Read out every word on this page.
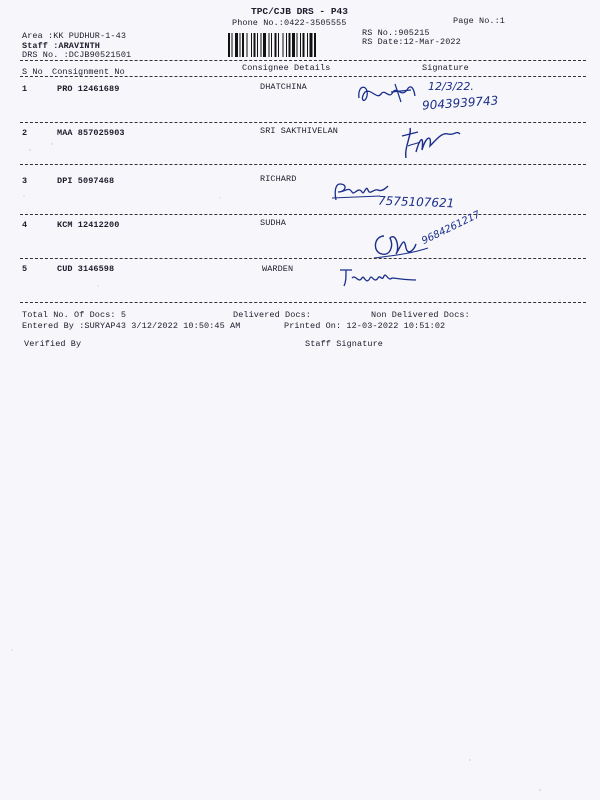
TPC/CJB DRS - P43
Phone No.:0422-3505555	Page No.:1
Area :KK PUDHUR-1-43
Staff :ARAVINTH
DRS No. :DCJB90521501
RS No.:905215
RS Date:12-Mar-2022
S No Consignment No	Consignee Details	Signature
1	PRO 12461689	DHATCHINA	12/3/22.
9043939743
2	MAA 857025903	SRI SAKTHIVELAN
3	DPI 5097468	RICHARD
7575107621
4	KCM 12412200	SUDHA	9684261217
5	CUD 3146598	WARDEN
Total No. Of Docs: 5	Delivered Docs:	Non Delivered Docs:
Entered By :SURYAP43 3/12/2022 10:50:45 AM	Printed On: 12-03-2022 10:51:02
Verified By	Staff Signature
